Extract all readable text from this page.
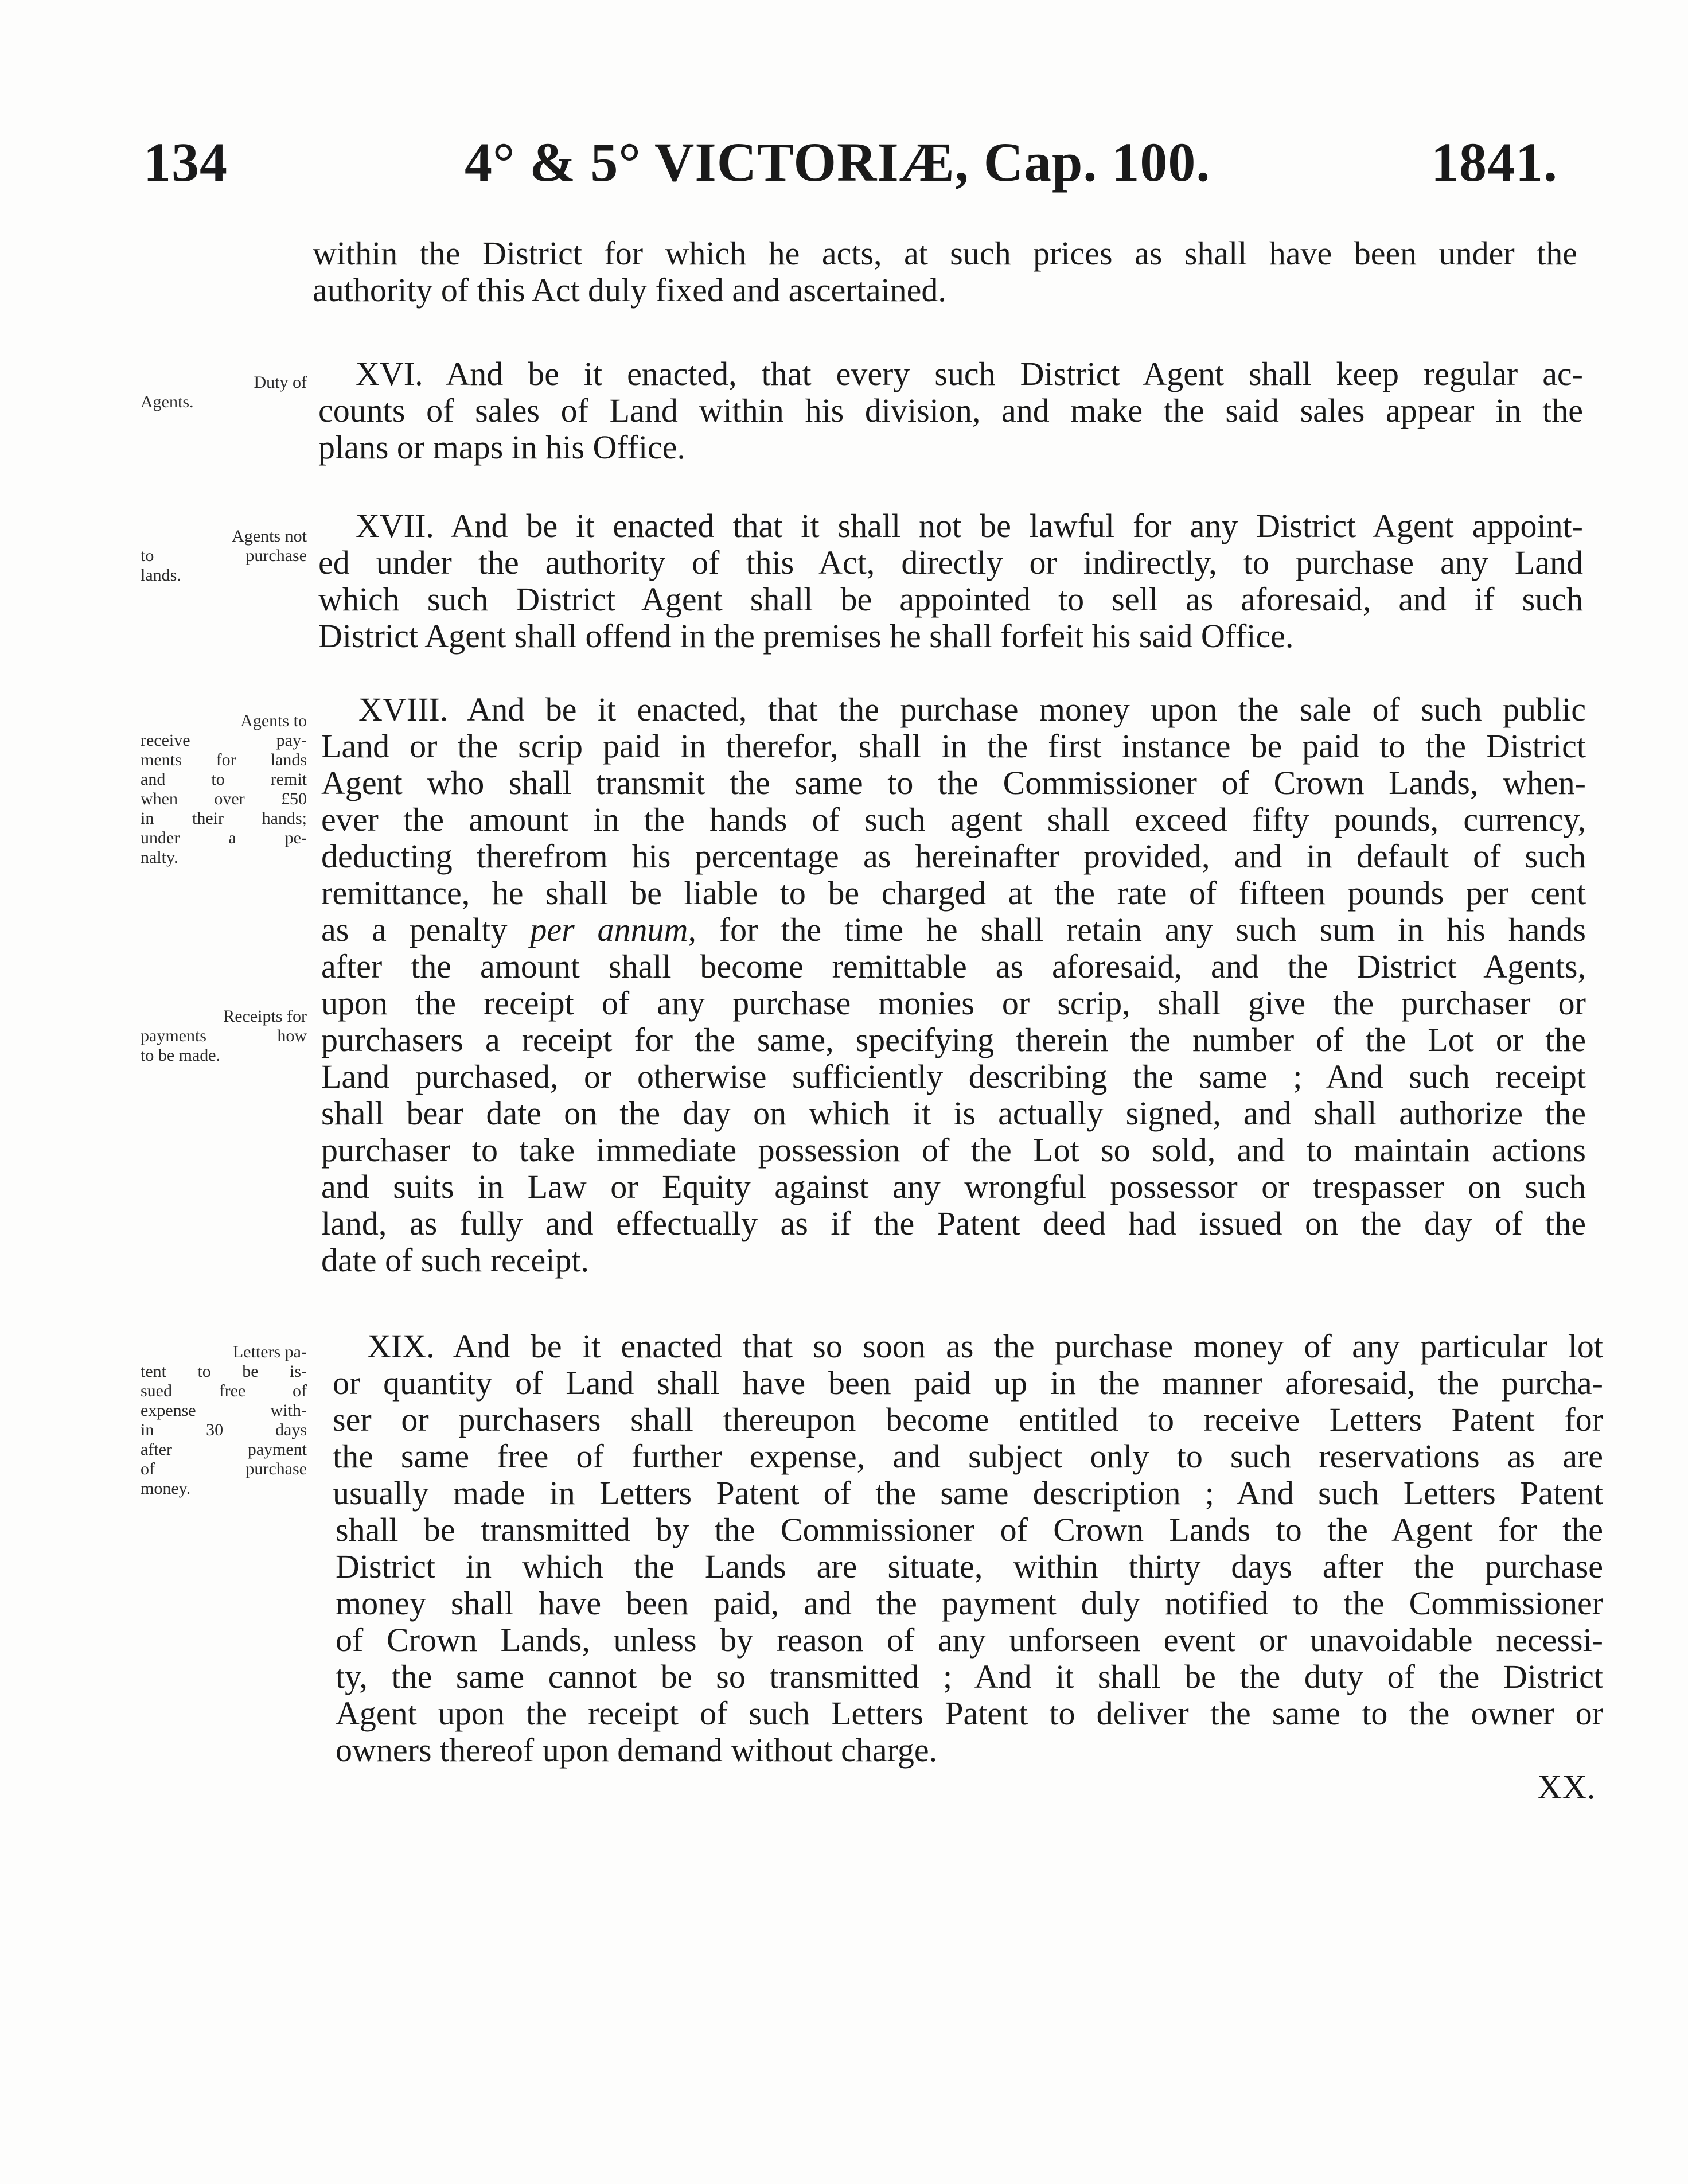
134	4° & 5° VICTORIÆ, Cap. 100.	1841.
within the District for which he acts, at such prices as shall have been under the
authority of this Act duly fixed and ascertained.
Duty of
Agents.
XVI. And be it enacted, that every such District Agent shall keep regular ac-
counts of sales of Land within his division, and make the said sales appear in the
plans or maps in his Office.
Agents not
to purchase
lands.
XVII. And be it enacted that it shall not be lawful for any District Agent appoint-
ed under the authority of this Act, directly or indirectly, to purchase any Land
which such District Agent shall be appointed to sell as aforesaid, and if such
District Agent shall offend in the premises he shall forfeit his said Office.
Agents to
receive pay-
ments for lands
and to remit
when over £50
in their hands;
under a pe-
nalty.
Receipts for
payments how
to be made.
XVIII. And be it enacted, that the purchase money upon the sale of such public
Land or the scrip paid in therefor, shall in the first instance be paid to the District
Agent who shall transmit the same to the Commissioner of Crown Lands, when-
ever the amount in the hands of such agent shall exceed fifty pounds, currency,
deducting therefrom his percentage as hereinafter provided, and in default of such
remittance, he shall be liable to be charged at the rate of fifteen pounds per cent
as a penalty per annum, for the time he shall retain any such sum in his hands
after the amount shall become remittable as aforesaid, and the District Agents,
upon the receipt of any purchase monies or scrip, shall give the purchaser or
purchasers a receipt for the same, specifying therein the number of the Lot or the
Land purchased, or otherwise sufficiently describing the same ; And such receipt
shall bear date on the day on which it is actually signed, and shall authorize the
purchaser to take immediate possession of the Lot so sold, and to maintain actions
and suits in Law or Equity against any wrongful possessor or trespasser on such
land, as fully and effectually as if the Patent deed had issued on the day of the
date of such receipt.
Letters pa-
tent to be is-
sued free of
expense with-
in 30 days
after payment
of purchase
money.
XIX. And be it enacted that so soon as the purchase money of any particular lot
or quantity of Land shall have been paid up in the manner aforesaid, the purcha-
ser or purchasers shall thereupon become entitled to receive Letters Patent for
the same free of further expense, and subject only to such reservations as are
usually made in Letters Patent of the same description ; And such Letters Patent
shall be transmitted by the Commissioner of Crown Lands to the Agent for the
District in which the Lands are situate, within thirty days after the purchase
money shall have been paid, and the payment duly notified to the Commissioner
of Crown Lands, unless by reason of any unforseen event or unavoidable necessi-
ty, the same cannot be so transmitted ; And it shall be the duty of the District
Agent upon the receipt of such Letters Patent to deliver the same to the owner or
owners thereof upon demand without charge.
XX.
